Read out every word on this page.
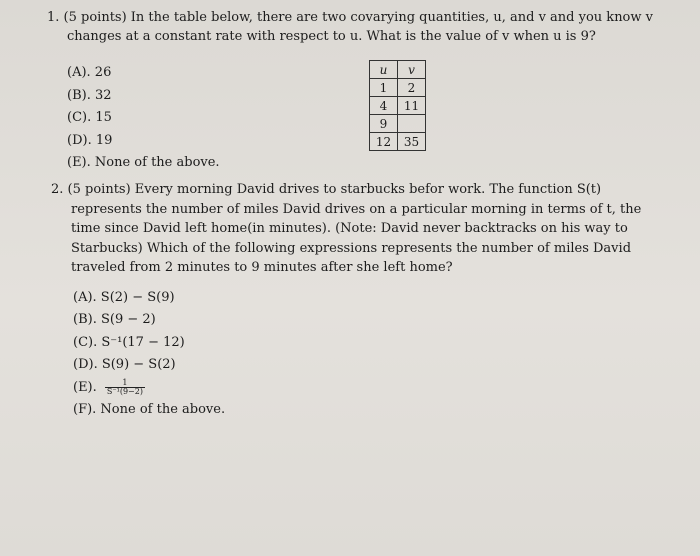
1. (5 points) In the table below, there are two covarying quantities, u, and v and you know v changes at a constant rate with respect to u. What is the value of v when u is 9?
(A). 26
(B). 32
(C). 15
(D). 19
(E). None of the above.
u	v
1	2
4	11
9	
12	35
2. (5 points) Every morning David drives to starbucks befor work. The function S(t) represents the number of miles David drives on a particular morning in terms of t, the time since David left home(in minutes). (Note: David never backtracks on his way to Starbucks) Which of the following expressions represents the number of miles David traveled from 2 minutes to 9 minutes after she left home?
(A). S(2) − S(9)
(B). S(9 − 2)
(C). S⁻¹(17 − 12)
(D). S(9) − S(2)
(E). $\frac{1}{\text{S⁻¹(9−2)}}$
(F). None of the above.
